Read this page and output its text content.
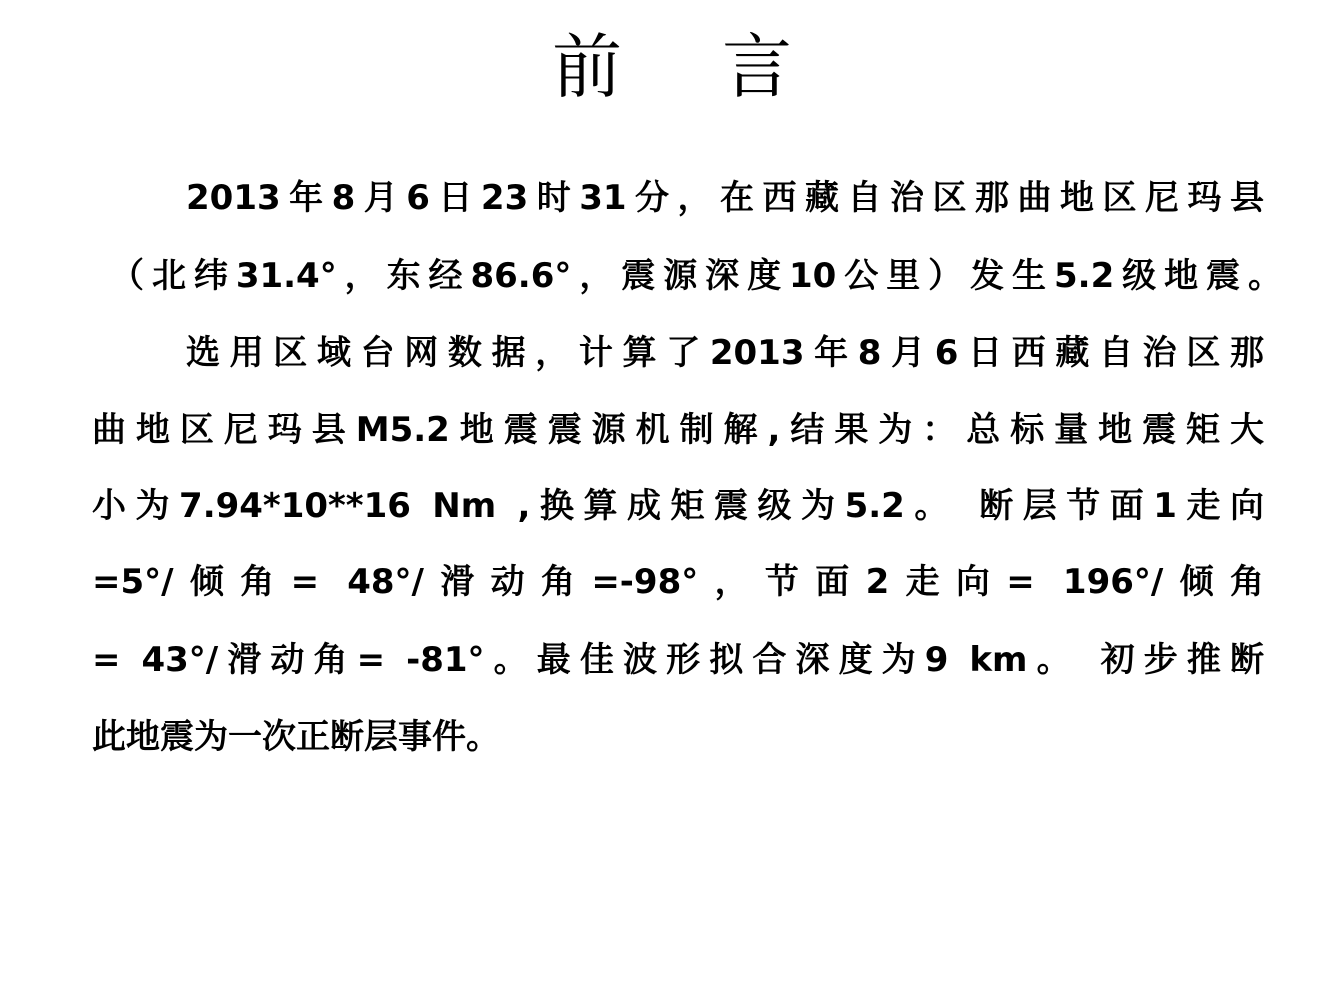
前 言
2013年8月6日23时31分，在西藏自治区那曲地区尼玛县
（北纬31.4°，东经86.6°，震源深度10公里）发生5.2级地震。
选用区域台网数据，计算了2013年8月6日西藏自治区那
曲地区尼玛县M5.2地震震源机制解,结果为：总标量地震矩大
小为7.94*10**16 Nm ,换算成矩震级为5.2。 断层节面1走向
=5°/倾角= 48°/滑动角=-98°，节面2走向= 196°/倾角
= 43°/滑动角= -81°。最佳波形拟合深度为9 km。 初步推断
此地震为一次正断层事件。
